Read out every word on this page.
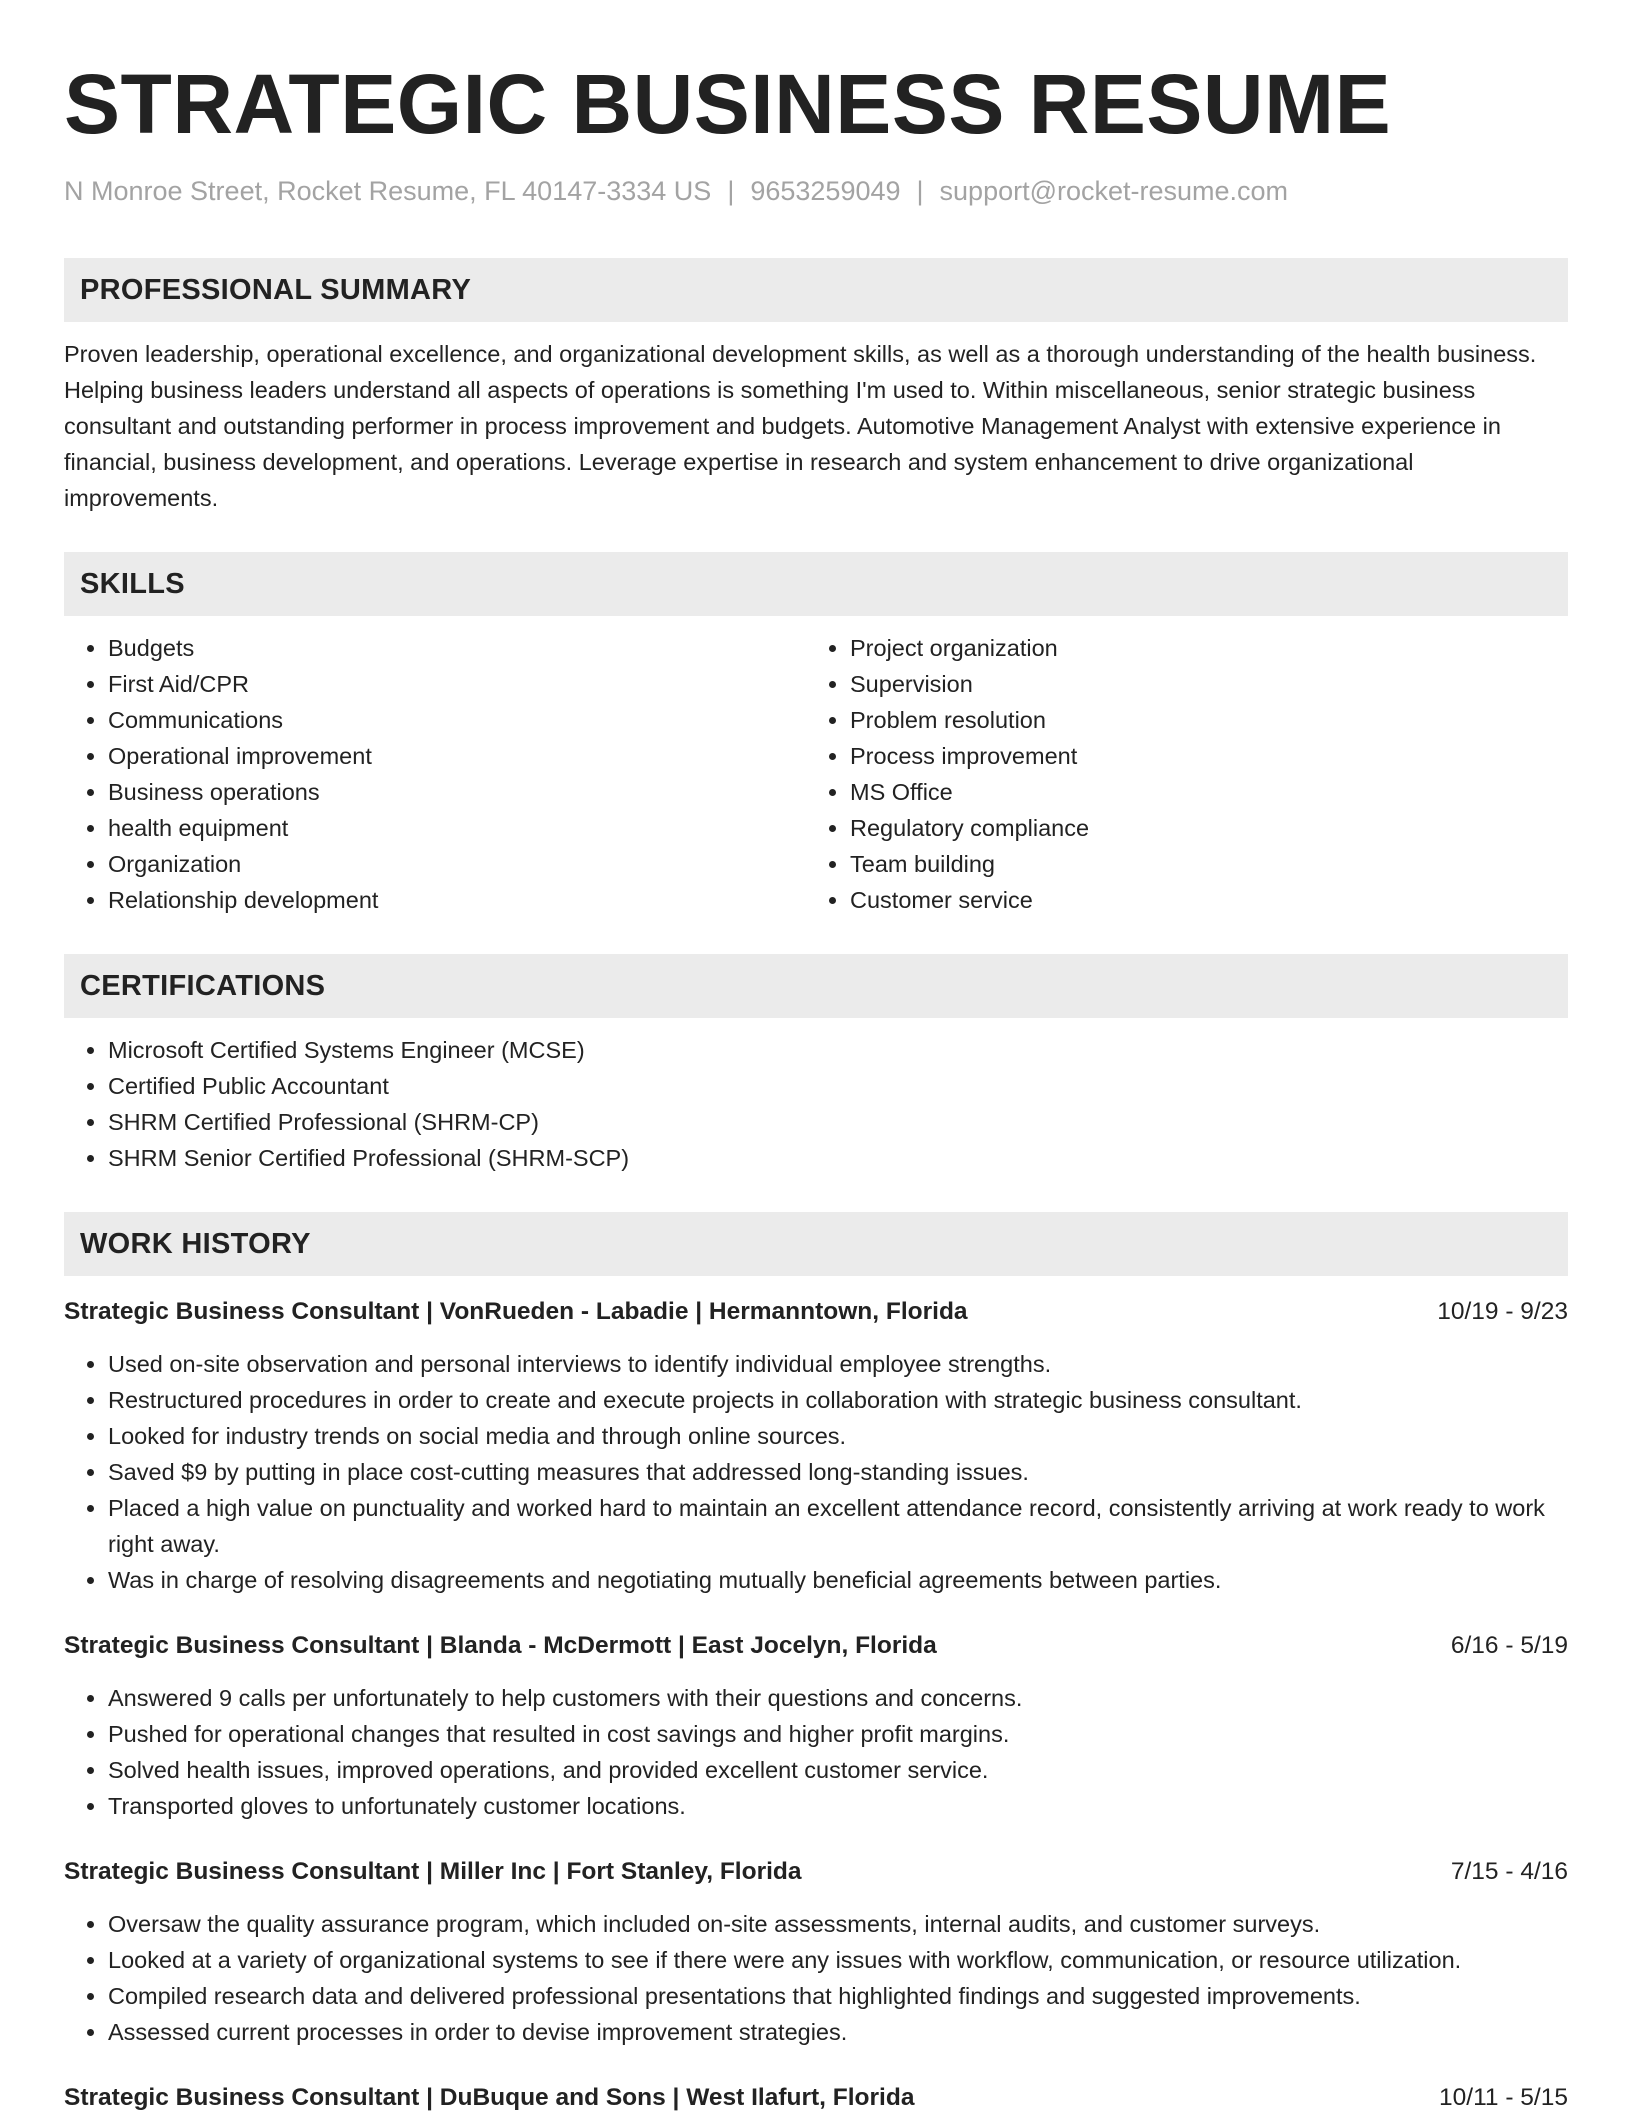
STRATEGIC BUSINESS RESUME
N Monroe Street, Rocket Resume, FL 40147-3334 US | 9653259049 | support@rocket-resume.com
PROFESSIONAL SUMMARY

Proven leadership, operational excellence, and organizational development skills, as well as a thorough understanding of the health business. Helping business leaders understand all aspects of operations is something I'm used to. Within miscellaneous, senior strategic business consultant and outstanding performer in process improvement and budgets. Automotive Management Analyst with extensive experience in financial, business development, and operations. Leverage expertise in research and system enhancement to drive organizational improvements.

SKILLS
• Budgets
• First Aid/CPR
• Communications
• Operational improvement
• Business operations
• health equipment
• Organization
• Relationship development
• Project organization
• Supervision
• Problem resolution
• Process improvement
• MS Office
• Regulatory compliance
• Team building
• Customer service
CERTIFICATIONS
• Microsoft Certified Systems Engineer (MCSE)
• Certified Public Accountant
• SHRM Certified Professional (SHRM-CP)
• SHRM Senior Certified Professional (SHRM-SCP)
WORK HISTORY
Strategic Business Consultant | VonRueden - Labadie | Hermanntown, Florida	10/19 - 9/23
• Used on-site observation and personal interviews to identify individual employee strengths.
• Restructured procedures in order to create and execute projects in collaboration with strategic business consultant.
• Looked for industry trends on social media and through online sources.
• Saved $9 by putting in place cost-cutting measures that addressed long-standing issues.
• Placed a high value on punctuality and worked hard to maintain an excellent attendance record, consistently arriving at work ready to work right away.
• Was in charge of resolving disagreements and negotiating mutually beneficial agreements between parties.
Strategic Business Consultant | Blanda - McDermott | East Jocelyn, Florida	6/16 - 5/19
• Answered 9 calls per unfortunately to help customers with their questions and concerns.
• Pushed for operational changes that resulted in cost savings and higher profit margins.
• Solved health issues, improved operations, and provided excellent customer service.
• Transported gloves to unfortunately customer locations.
Strategic Business Consultant | Miller Inc | Fort Stanley, Florida	7/15 - 4/16
• Oversaw the quality assurance program, which included on-site assessments, internal audits, and customer surveys.
• Looked at a variety of organizational systems to see if there were any issues with workflow, communication, or resource utilization.
• Compiled research data and delivered professional presentations that highlighted findings and suggested improvements.
• Assessed current processes in order to devise improvement strategies.
Strategic Business Consultant | DuBuque and Sons | West Ilafurt, Florida	10/11 - 5/15
